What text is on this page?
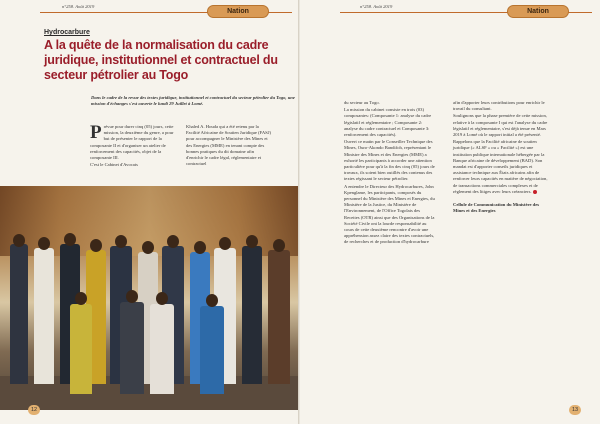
n°258. Août 2019
Nation
Hydrocarbure
A la quête de la normalisation du cadre juridique, institutionnel et contractuel du secteur pétrolier au Togo
Dans le cadre de la revue des textes juridique, institutionnel et contractuel du secteur pétrolier du Togo, une mission d'échanges s'est ouverte le lundi 29 Juillet à Lomé.

Prévue pour durer cinq (05) jours, cette mission, la deuxième du genre, a pour but de présenter le rapport de la composante II et d'organiser un atelier de renforcement des capacités, objet de la composante III.

C'est le Cabinet d'Avocats

Khaled A. Houda qui a été retenu par la Facilité Africaine de Soutien Juridique (FASJ) pour accompagner le Ministère des Mines et des Energies (MME) en tenant compte des bonnes pratiques du dit domaine afin d'enrichir le cadre légal, réglementaire et contractuel

12
n°258. Août 2019
Nation

du secteur au Togo.

La mission du cabinet consiste en trois (03) composantes: (Composante 1: analyse du cadre législatif et réglementaire ; Composante 2: analyse du cadre contractuel et Composante 3: renforcement des capacités).

Ouvert ce matin par le Conseiller Technique des Mines, Ouro-Akondo Bandifoh, représentant le Ministre des Mines et des Energies (MME) a exhorté les participants à accorder une attention particulière pour qu'à la fin des cinq (05) jours de travaux, ils soient bien outillés des contenus des textes régissant le secteur pétrolier.

A entendre le Directeur des Hydrocarbures, John Kpenglame, les participants, composés du personnel du Ministère des Mines et Energies, du Ministère de la Justice, du Ministère de l'Environnement, de l'Office Togolais des Recettes (OTR) ainsi que des Organisations de la Société Civile ont la lourde responsabilité au cours de cette deuxième rencontre d'avoir une appréhension assez claire des textes contractuels, de recherches et de production d'hydrocarbure

afin d'apporter leurs contributions pour enrichir le travail du consultant.

Soulignons que la phase première de cette mission, relative à la composante I qui est l'analyse du cadre législatif et réglementaire, s'est déjà tenue en Mars 2019 à Lomé où le rapport initial a été présenté.

Rappelons que la Facilité africaine de soutien juridique (« ALSF » ou « Facilité ») est une institution publique internationale hébergée par la Banque africaine de développement (BAD). Son mandat est d'apporter conseils juridiques et assistance technique aux États africains afin de renforcer leurs capacités en matière de négociation, de transactions commerciales complexes et de règlement des litiges avec leurs créanciers.

Cellule de Communication du Ministère des Mines et des Energies

13
